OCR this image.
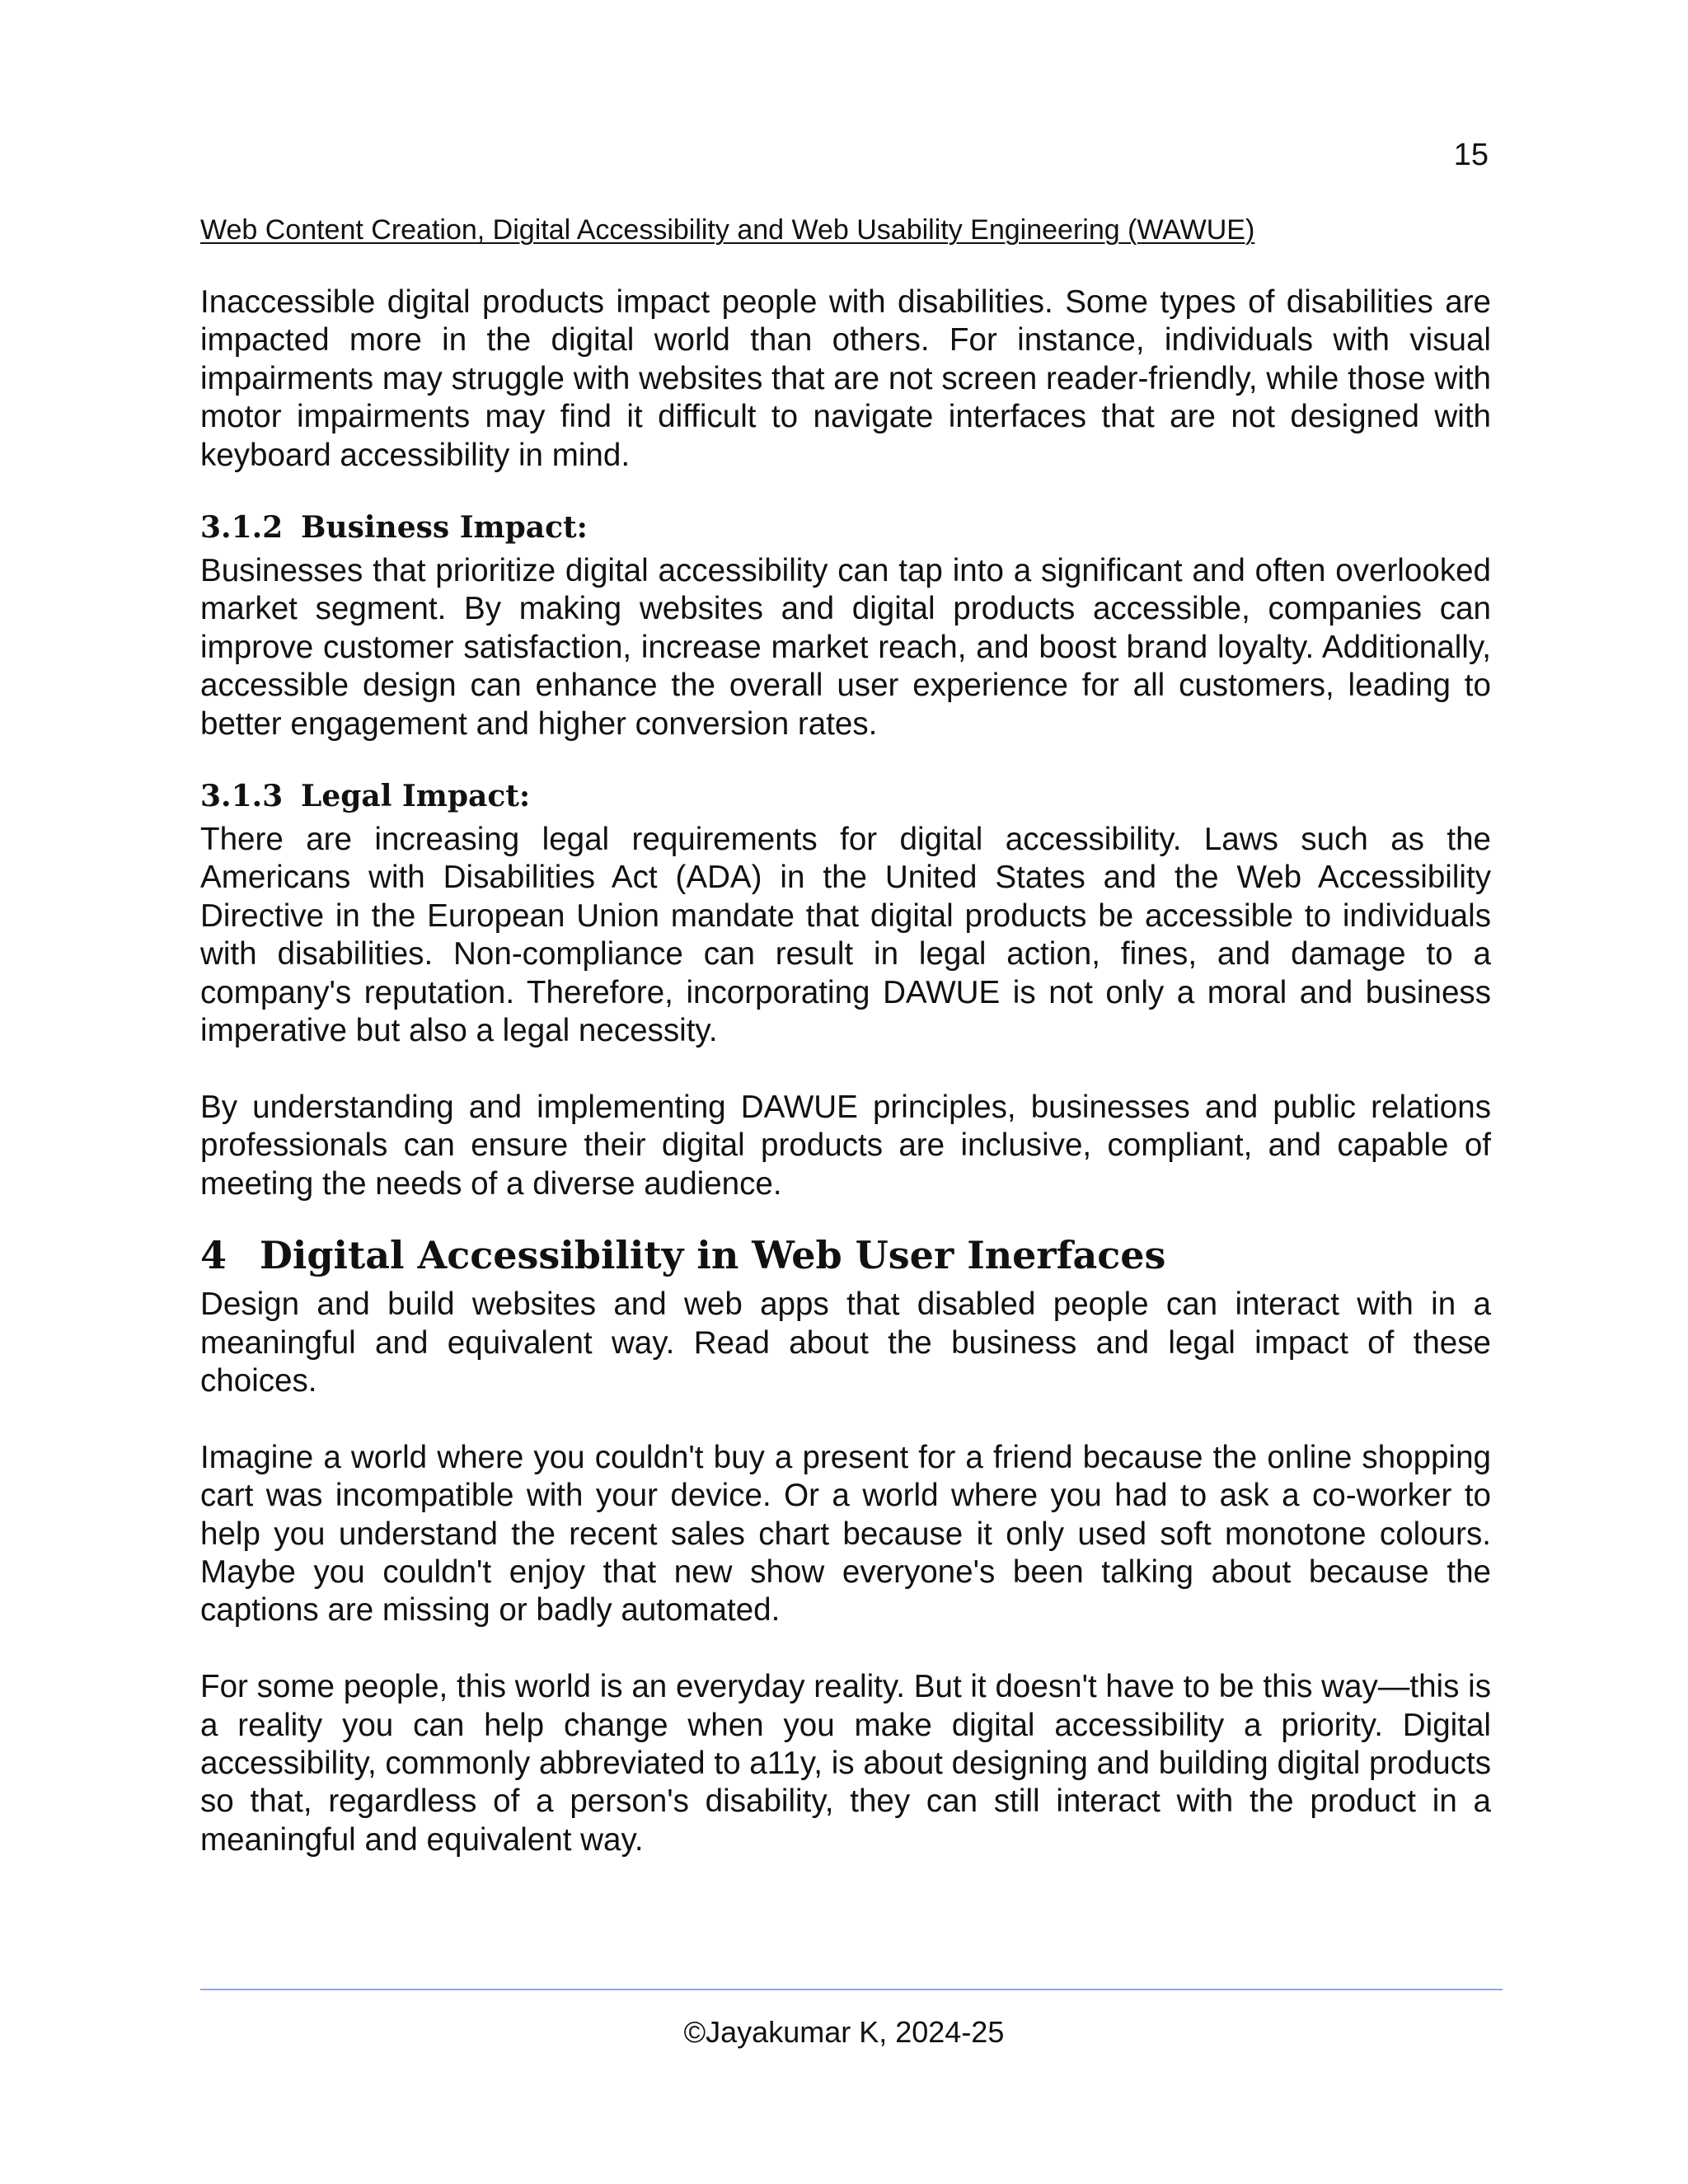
15
Web Content Creation, Digital Accessibility and Web Usability Engineering (WAWUE)

Inaccessible digital products impact people with disabilities. Some types of disabilities are impacted more in the digital world than others. For instance, individuals with visual impairments may struggle with websites that are not screen reader-friendly, while those with motor impairments may find it difficult to navigate interfaces that are not designed with keyboard accessibility in mind.

3.1.2 Business Impact:

Businesses that prioritize digital accessibility can tap into a significant and often overlooked market segment. By making websites and digital products accessible, companies can improve customer satisfaction, increase market reach, and boost brand loyalty. Additionally, accessible design can enhance the overall user experience for all customers, leading to better engagement and higher conversion rates.

3.1.3 Legal Impact:

There are increasing legal requirements for digital accessibility. Laws such as the Americans with Disabilities Act (ADA) in the United States and the Web Accessibility Directive in the European Union mandate that digital products be accessible to individuals with disabilities. Non-compliance can result in legal action, fines, and damage to a company's reputation. Therefore, incorporating DAWUE is not only a moral and business imperative but also a legal necessity.

By understanding and implementing DAWUE principles, businesses and public relations professionals can ensure their digital products are inclusive, compliant, and capable of meeting the needs of a diverse audience.

4 Digital Accessibility in Web User Inerfaces

Design and build websites and web apps that disabled people can interact with in a meaningful and equivalent way. Read about the business and legal impact of these choices.

Imagine a world where you couldn't buy a present for a friend because the online shopping cart was incompatible with your device. Or a world where you had to ask a co-worker to help you understand the recent sales chart because it only used soft monotone colours. Maybe you couldn't enjoy that new show everyone's been talking about because the captions are missing or badly automated.

For some people, this world is an everyday reality. But it doesn't have to be this way—this is a reality you can help change when you make digital accessibility a priority. Digital accessibility, commonly abbreviated to a11y, is about designing and building digital products so that, regardless of a person's disability, they can still interact with the product in a meaningful and equivalent way.

©Jayakumar K, 2024-25
